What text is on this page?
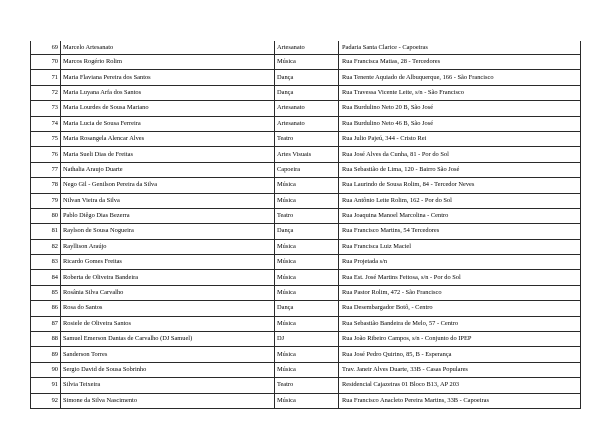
69	Marcelo Artesanato	Artesanato	Padaria Santa Clarice - Capoeiras
70	Marcos Rogério Rolim	Música	Rua Francisca Matias, 28 - Tercedores
71	Maria Flaviana Pereira dos Santos	Dança	Rua Tenente Aquiado de Albuquerque, 166 - São Francisco
72	Maria Luyana Arfa dos Santos	Dança	Rua Travessa Vicente Leite, s/n - São Francisco
73	Maria Lourdes de Sousa Mariano	Artesanato	Rua Burdulino Neto 20 B, São José
74	Maria Lucia de Sousa Ferreira	Artesanato	Rua Burdulino Neto 46 B, São José
75	Maria Rosangela Alencar Alves	Teatro	Rua Julio Pajeú, 344 - Cristo Rei
76	Maria Sueli Dias de Freitas	Artes Visuais	Rua José Alves da Cunha, 81 - Por do Sol
77	Nathalia Araujo Duarte	Capoeira	Rua Sebastião de Lima, 120 - Bairro São José
78	Nego Gil - Genilson Pereira da Silva	Música	Rua Laurindo de Sousa Rolim, 84 - Tercedor Neves
79	Nilvan Vieira da Silva	Música	Rua Antônio Leite Rolim, 162 - Por do Sol
80	Pablo Diêgo Dias Bezerra	Teatro	Rua Joaquina Manoel Marcolina - Centro
81	Raylson de Sousa Nogueira	Dança	Rua Francisco Martins, 54 Tercedores
82	Rayllison Araújo	Música	Rua Francisca Luiz Maciel
83	Ricardo Gomes Freitas	Música	Rua Projetada s/n
84	Roberta de Oliveira Bandeira	Música	Rua Est. José Martins Feitosa, s/n - Por do Sol
85	Rosânia Silva Carvalho	Música	Rua Pastor Rolim, 472 - São Francisco
86	Rosa do Santos	Dança	Rua Desembargador Botô, - Centro
87	Rosiele de Oliveira Santos	Música	Rua Sebastião Bandeira de Melo, 57 - Centro
88	Samuel Emerson Dantas de Carvalho (DJ Samuel)	DJ	Rua João Ribeiro Campos, s/n - Conjunto do IPEP
89	Sanderson Torres	Música	Rua José Pedro Quirino, 85, B - Esperança
90	Sergio David de Sousa Sobrinho	Música	Trav. Janeir Alves Duarte, 33B - Casas Populares
91	Silvia Teixeira	Teatro	Residencial Cajazeiras 01 Bloco B13, AP 203
92	Simone da Silva Nascimento	Música	Rua Francisco Anacleto Pereira Martins, 33B - Capoeiras
